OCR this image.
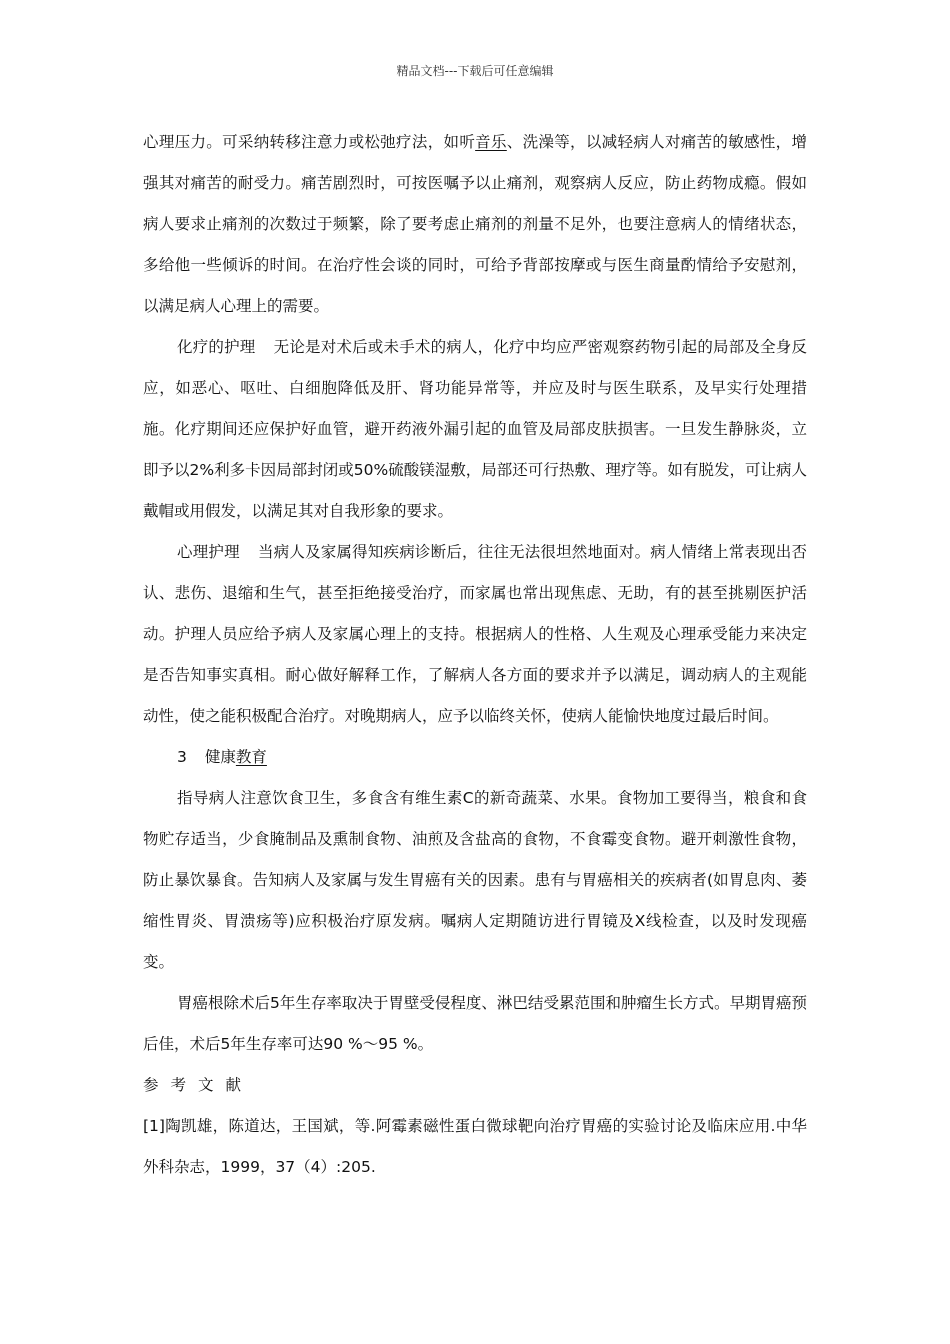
精品文档---下载后可任意编辑

心理压力。可采纳转移注意力或松弛疗法，如听音乐、洗澡等，以减轻病人对痛苦的敏感性，增强其对痛苦的耐受力。痛苦剧烈时，可按医嘱予以止痛剂，观察病人反应，防止药物成瘾。假如病人要求止痛剂的次数过于频繁，除了要考虑止痛剂的剂量不足外，也要注意病人的情绪状态，多给他一些倾诉的时间。在治疗性会谈的同时，可给予背部按摩或与医生商量酌情给予安慰剂，以满足病人心理上的需要。

化疗的护理 无论是对术后或未手术的病人，化疗中均应严密观察药物引起的局部及全身反应，如恶心、呕吐、白细胞降低及肝、肾功能异常等，并应及时与医生联系，及早实行处理措施。化疗期间还应保护好血管，避开药液外漏引起的血管及局部皮肤损害。一旦发生静脉炎，立即予以2%利多卡因局部封闭或50%硫酸镁湿敷，局部还可行热敷、理疗等。如有脱发，可让病人戴帽或用假发，以满足其对自我形象的要求。

心理护理 当病人及家属得知疾病诊断后，往往无法很坦然地面对。病人情绪上常表现出否认、悲伤、退缩和生气，甚至拒绝接受治疗，而家属也常出现焦虑、无助，有的甚至挑剔医护活动。护理人员应给予病人及家属心理上的支持。根据病人的性格、人生观及心理承受能力来决定是否告知事实真相。耐心做好解释工作，了解病人各方面的要求并予以满足，调动病人的主观能动性，使之能积极配合治疗。对晚期病人，应予以临终关怀，使病人能愉快地度过最后时间。

3 健康教育

指导病人注意饮食卫生，多食含有维生素C的新奇蔬菜、水果。食物加工要得当，粮食和食物贮存适当，少食腌制品及熏制食物、油煎及含盐高的食物，不食霉变食物。避开刺激性食物，防止暴饮暴食。告知病人及家属与发生胃癌有关的因素。患有与胃癌相关的疾病者(如胃息肉、萎缩性胃炎、胃溃疡等)应积极治疗原发病。嘱病人定期随访进行胃镜及X线检查，以及时发现癌变。

胃癌根除术后5年生存率取决于胃壁受侵程度、淋巴结受累范围和肿瘤生长方式。早期胃癌预后佳，术后5年生存率可达90 %～95 %。

参考文献

[1]陶凯雄，陈道达，王国斌，等.阿霉素磁性蛋白微球靶向治疗胃癌的实验讨论及临床应用.中华外科杂志，1999，37（4）:205.
